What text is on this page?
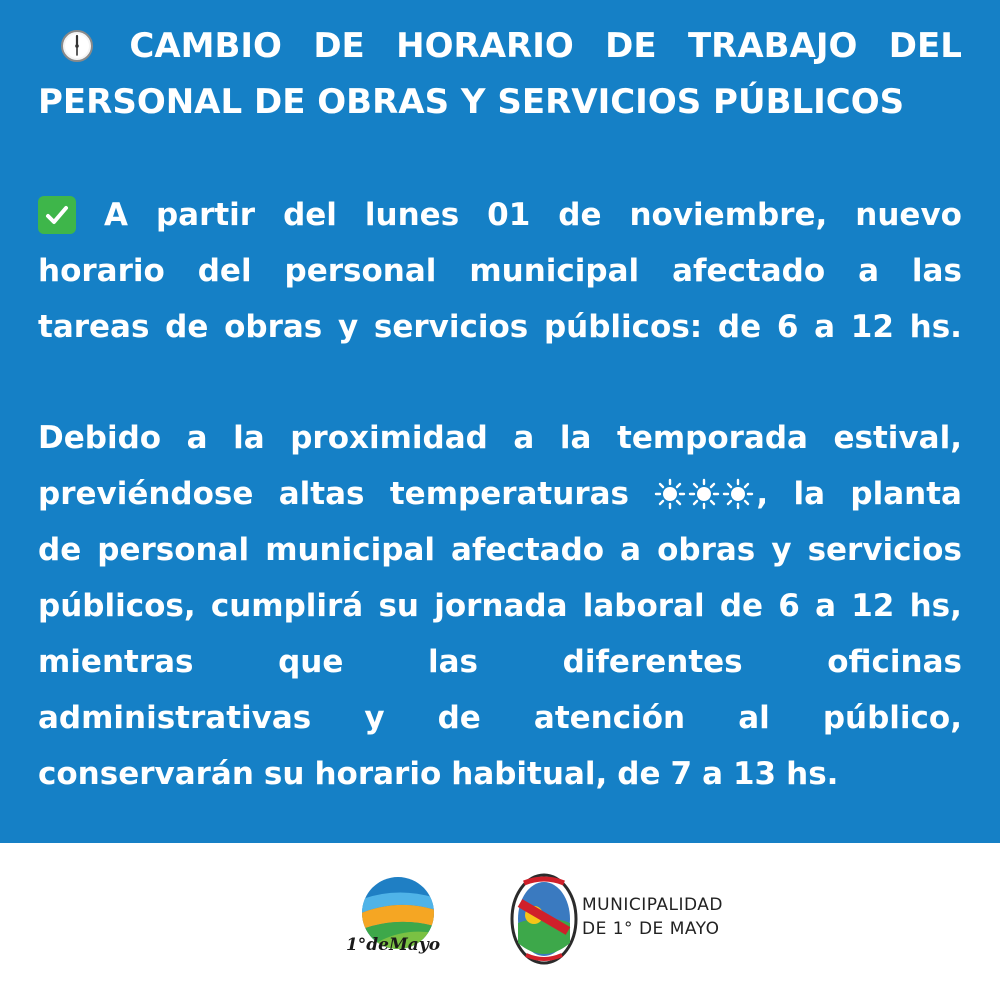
CAMBIO DE HORARIO DE TRABAJO DEL
PERSONAL DE OBRAS Y SERVICIOS PÚBLICOS
A partir del lunes 01 de noviembre, nuevo
horario del personal municipal afectado a las
tareas de obras y servicios públicos: de 6 a 12 hs.
Debido a la proximidad a la temporada estival,
previéndose altas temperaturas	, la planta
de personal municipal afectado a obras y servicios
públicos, cumplirá su jornada laboral de 6 a 12 hs,
mientras	que	las	diferentes	oficinas
administrativas y de atención al público,
conservarán su horario habitual, de 7 a 13 hs.
1°deMayo
MUNICIPALIDAD
DE 1° DE MAYO
